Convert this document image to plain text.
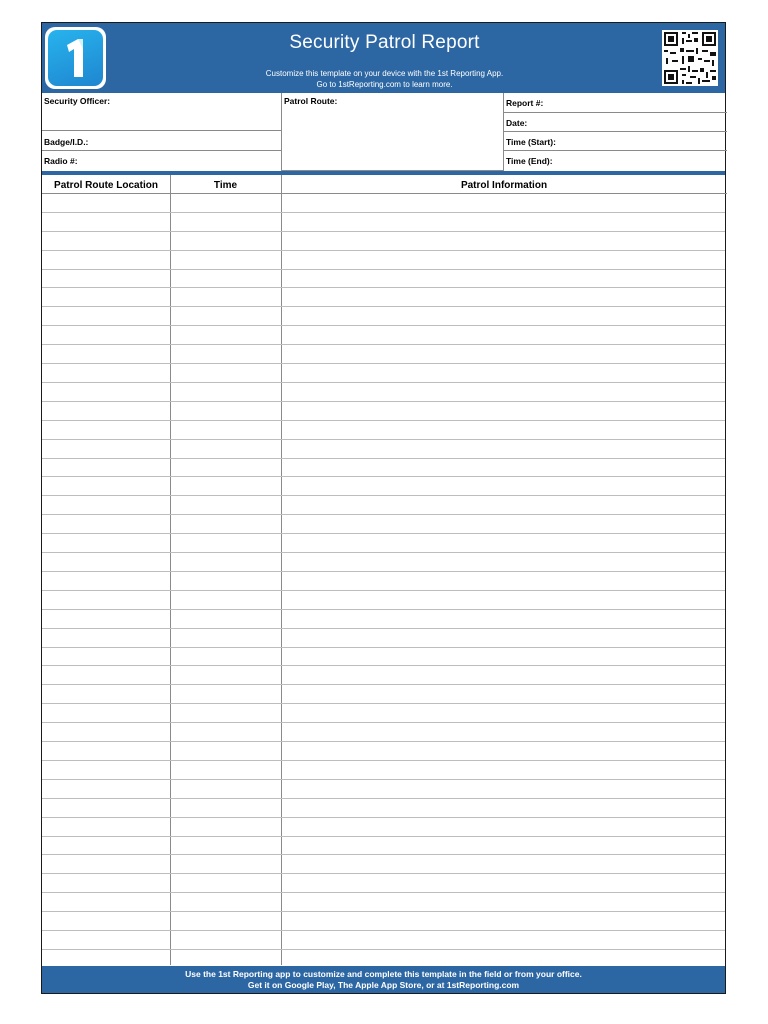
Security Patrol Report
Customize this template on your device with the 1st Reporting App.
Go to 1stReporting.com to learn more.
Security Officer:	Patrol Route:	Report #:
Date:
Badge/I.D.:	Time (Start):
Radio #:	Time (End):
Patrol Route Location	Time	Patrol Information
Use the 1st Reporting app to customize and complete this template in the field or from your office.
Get it on Google Play, The Apple App Store, or at 1stReporting.com
